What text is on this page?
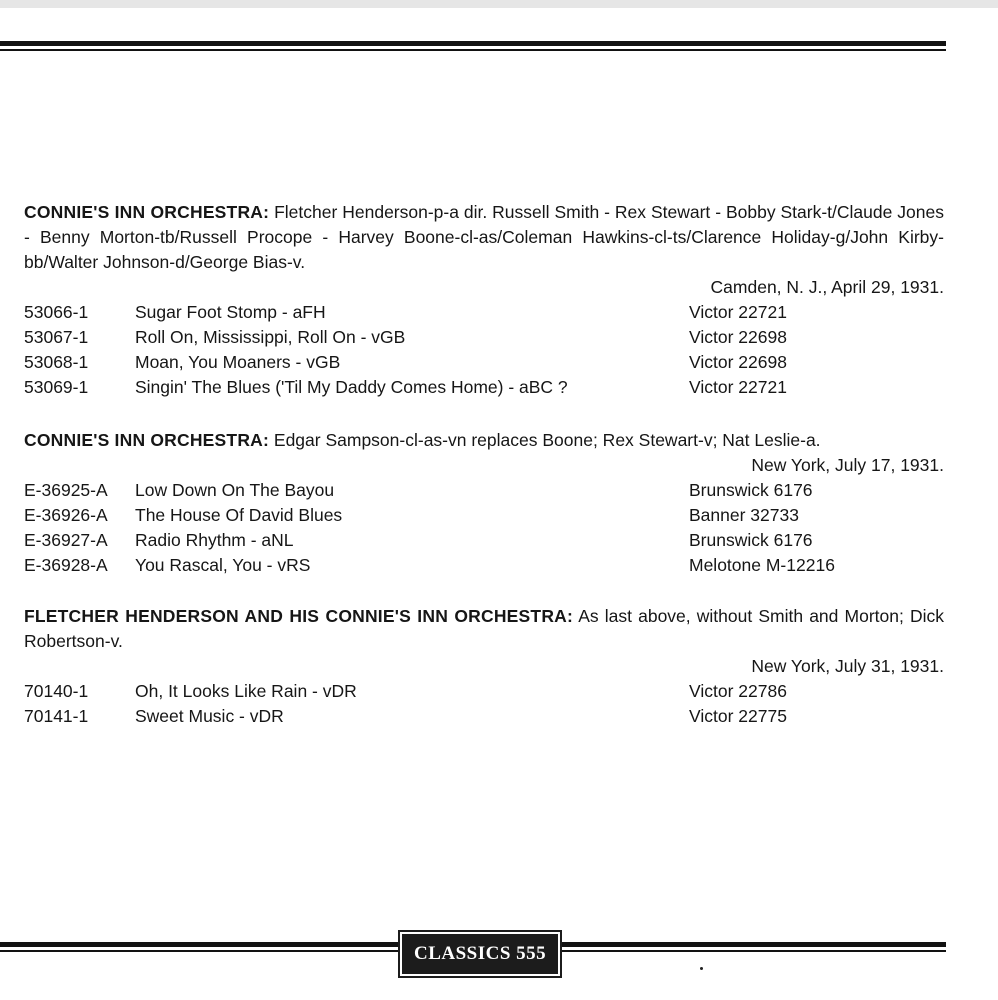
CONNIE'S INN ORCHESTRA: Fletcher Henderson-p-a dir. Russell Smith - Rex Stewart - Bobby Stark-t/Claude Jones - Benny Morton-tb/Russell Procope - Harvey Boone-cl-as/Coleman Hawkins-cl-ts/Clarence Holiday-g/John Kirby-bb/Walter Johnson-d/George Bias-v.
Camden, N. J., April 29, 1931.
53066-1	Sugar Foot Stomp - aFH	Victor 22721
53067-1	Roll On, Mississippi, Roll On - vGB	Victor 22698
53068-1	Moan, You Moaners - vGB	Victor 22698
53069-1	Singin' The Blues ('Til My Daddy Comes Home) - aBC ?	Victor 22721
CONNIE'S INN ORCHESTRA: Edgar Sampson-cl-as-vn replaces Boone; Rex Stewart-v; Nat Leslie-a.
New York, July 17, 1931.
E-36925-A Low Down On The Bayou	Brunswick 6176
E-36926-A The House Of David Blues	Banner 32733
E-36927-A Radio Rhythm - aNL	Brunswick 6176
E-36928-A You Rascal, You - vRS	Melotone M-12216
FLETCHER HENDERSON AND HIS CONNIE'S INN ORCHESTRA: As last above, without Smith and Morton; Dick Robertson-v.
New York, July 31, 1931.
70140-1	Oh, It Looks Like Rain - vDR	Victor 22786
70141-1	Sweet Music - vDR	Victor 22775
CLASSICS 555
